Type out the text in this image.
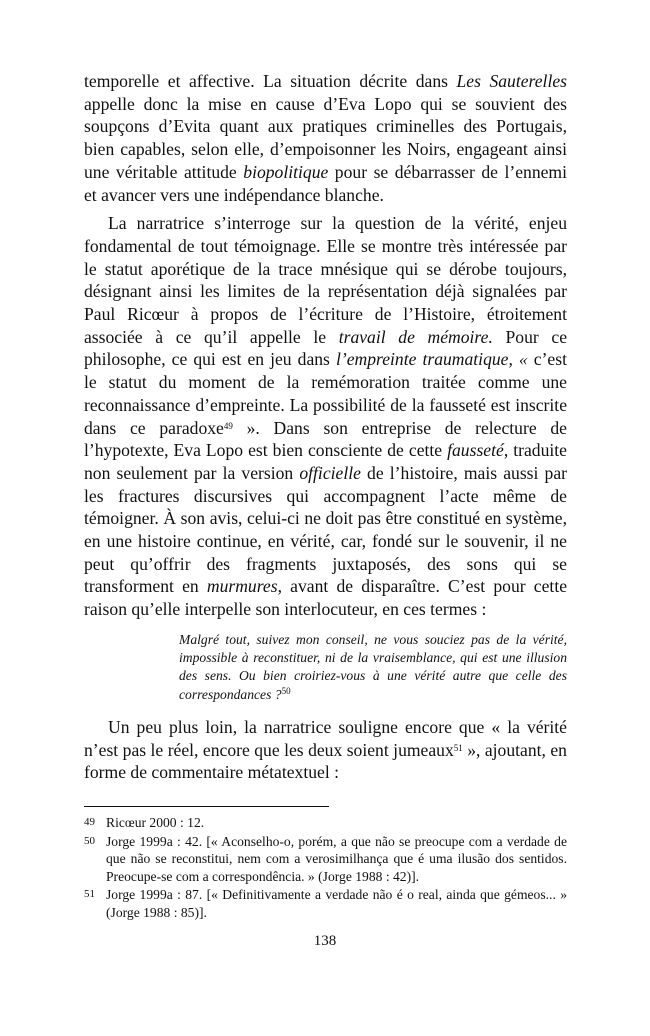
temporelle et affective. La situation décrite dans Les Sauterelles appelle donc la mise en cause d’Eva Lopo qui se souvient des soupçons d’Evita quant aux pratiques criminelles des Portugais, bien capables, selon elle, d’empoisonner les Noirs, engageant ainsi une véritable attitude biopolitique pour se débarrasser de l’ennemi et avancer vers une indépendance blanche.

La narratrice s’interroge sur la question de la vérité, enjeu fondamental de tout témoignage. Elle se montre très intéressée par le statut aporétique de la trace mnésique qui se dérobe toujours, désignant ainsi les limites de la représentation déjà signalées par Paul Ricœur à propos de l’écriture de l’Histoire, étroitement associée à ce qu’il appelle le travail de mémoire. Pour ce philosophe, ce qui est en jeu dans l’empreinte traumatique, « c’est le statut du moment de la remémoration traitée comme une reconnaissance d’empreinte. La possibilité de la fausseté est inscrite dans ce paradoxe$^{49}$ ». Dans son entreprise de relecture de l’hypotexte, Eva Lopo est bien consciente de cette fausseté, traduite non seulement par la version officielle de l’histoire, mais aussi par les fractures discursives qui accompagnent l’acte même de témoigner. À son avis, celui-ci ne doit pas être constitué en système, en une histoire continue, en vérité, car, fondé sur le souvenir, il ne peut qu’offrir des fragments juxtaposés, des sons qui se transforment en murmures, avant de disparaître. C’est pour cette raison qu’elle interpelle son interlocuteur, en ces termes :

Malgré tout, suivez mon conseil, ne vous souciez pas de la vérité, impossible à reconstituer, ni de la vraisemblance, qui est une illusion des sens. Ou bien croiriez-vous à une vérité autre que celle des correspondances ?$^{50}$

Un peu plus loin, la narratrice souligne encore que « la vérité n’est pas le réel, encore que les deux soient jumeaux$^{51}$ », ajoutant, en forme de commentaire métatextuel :

49 Ricœur 2000 : 12.

50 Jorge 1999a : 42. [« Aconselho-o, porém, a que não se preocupe com a verdade de que não se reconstitui, nem com a verosimilhança que é uma ilusão dos sentidos. Preocupe-se com a correspondência. » (Jorge 1988 : 42)].

51 Jorge 1999a : 87. [« Definitivamente a verdade não é o real, ainda que gémeos... » (Jorge 1988 : 85)].

138
